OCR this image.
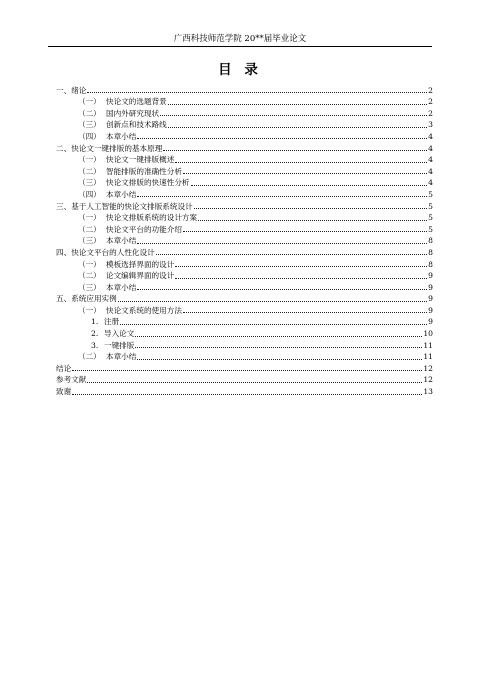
广西科技师范学院 20**届毕业论文
目 录
一、绪论	2
（一） 快论文的选题背景	2
（二） 国内外研究现状	2
（三） 创新点和技术路线	3
（四） 本章小结	4
二、快论文一键排版的基本原理	4
（一） 快论文一键排版概述	4
（二） 智能排版的准确性分析	4
（三） 快论文排版的快速性分析	4
（四） 本章小结	5
三、基于人工智能的快论文排版系统设计	5
（一） 快论文排版系统的设计方案	5
（二） 快论文平台的功能介绍	5
（三） 本章小结	8
四、快论文平台的人性化设计	8
（一） 模板选择界面的设计	8
（二） 论文编辑界面的设计	9
（三） 本章小结	9
五、系统应用实例	9
（一） 快论文系统的使用方法	9
1. 注册	9
2. 导入论文	10
3. 一键排版	11
（二） 本章小结	11
结论	12
参考文献	12
致谢	13
